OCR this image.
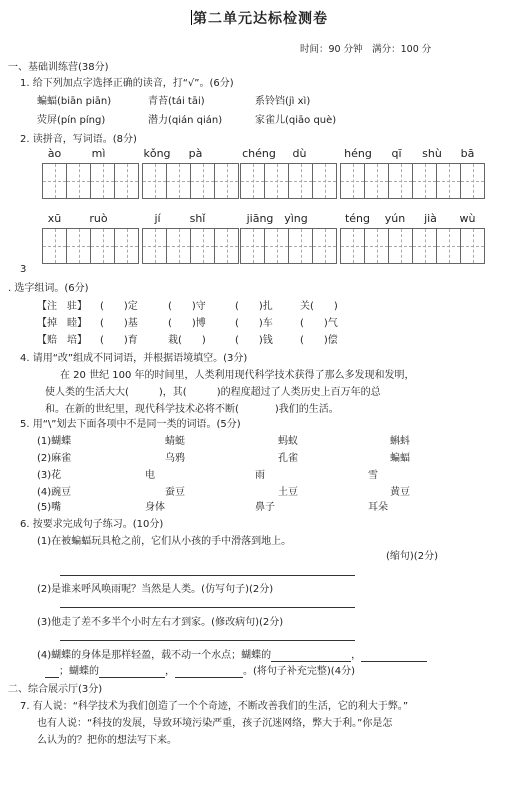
第二单元达标检测卷
时间：90 分钟　满分：100 分
一、基础训练营(38分)
1. 给下列加点字选择正确的读音，打“√”。(6分)
蝙蝠(biān piān)	青苔(tái tāi)	系铃铛(jì xì)
荧屏(pín píng)	潜力(qián qián)	家雀儿(qiāo què)
2. 读拼音，写词语。(8分)
ào	mì	kǒng	pà	chéng	dù	héng	qī	shù	bā
xū	ruò	jí	shǐ	jiāng yìng	téng	yún	jià	wù
3
. 选字组词。(6分)
【注　驻】 (　　)定	(　　)守	(　　)扎	关(　　)
【掉　睦】 (　　)基	(　　)博	(　　)车	(　　)气
【赔　培】 (　　)育	栽(　　)	(　　)钱	(　　)偿
4. 请用“改”组成不同词语，并根据语境填空。(3分)
在 20 世纪 100 年的时间里，人类利用现代科学技术获得了那么多发现和发明，
使人类的生活大大(	)，其(	)的程度超过了人类历史上百万年的总
和。在新的世纪里，现代科学技术必将不断(	)我们的生活。
5. 用“\”划去下面各项中不是同一类的词语。(5分)
(1)蝴蝶	蜻蜓	蚂蚁	蝌蚪
(2)麻雀	乌鸦	孔雀	蝙蝠
(3)花	电	雨	雪
(4)豌豆	蚕豆	土豆	黄豆
(5)嘴	身体	鼻子	耳朵
6. 按要求完成句子练习。(10分)
(1)在被蝙蝠玩具枪之前，它们从小孩的手中滑落到地上。
(缩句)(2分)
(2)是谁来呼风唤雨呢？当然是人类。(仿写句子)(2分)
(3)他走了差不多半个小时左右才到家。(修改病句)(2分)
(4)蝴蝶的身体是那样轻盈，载不动一个水点；蝴蝶的	，
；蝴蝶的	，	。(将句子补充完整)(4分)
二、综合展示厅(3分)
7. 有人说：“科学技术为我们创造了一个个奇迹，不断改善我们的生活，它的利大于弊。”
也有人说：“科技的发展，导致环境污染严重，孩子沉迷网络，弊大于利。”你是怎
么认为的？把你的想法写下来。
